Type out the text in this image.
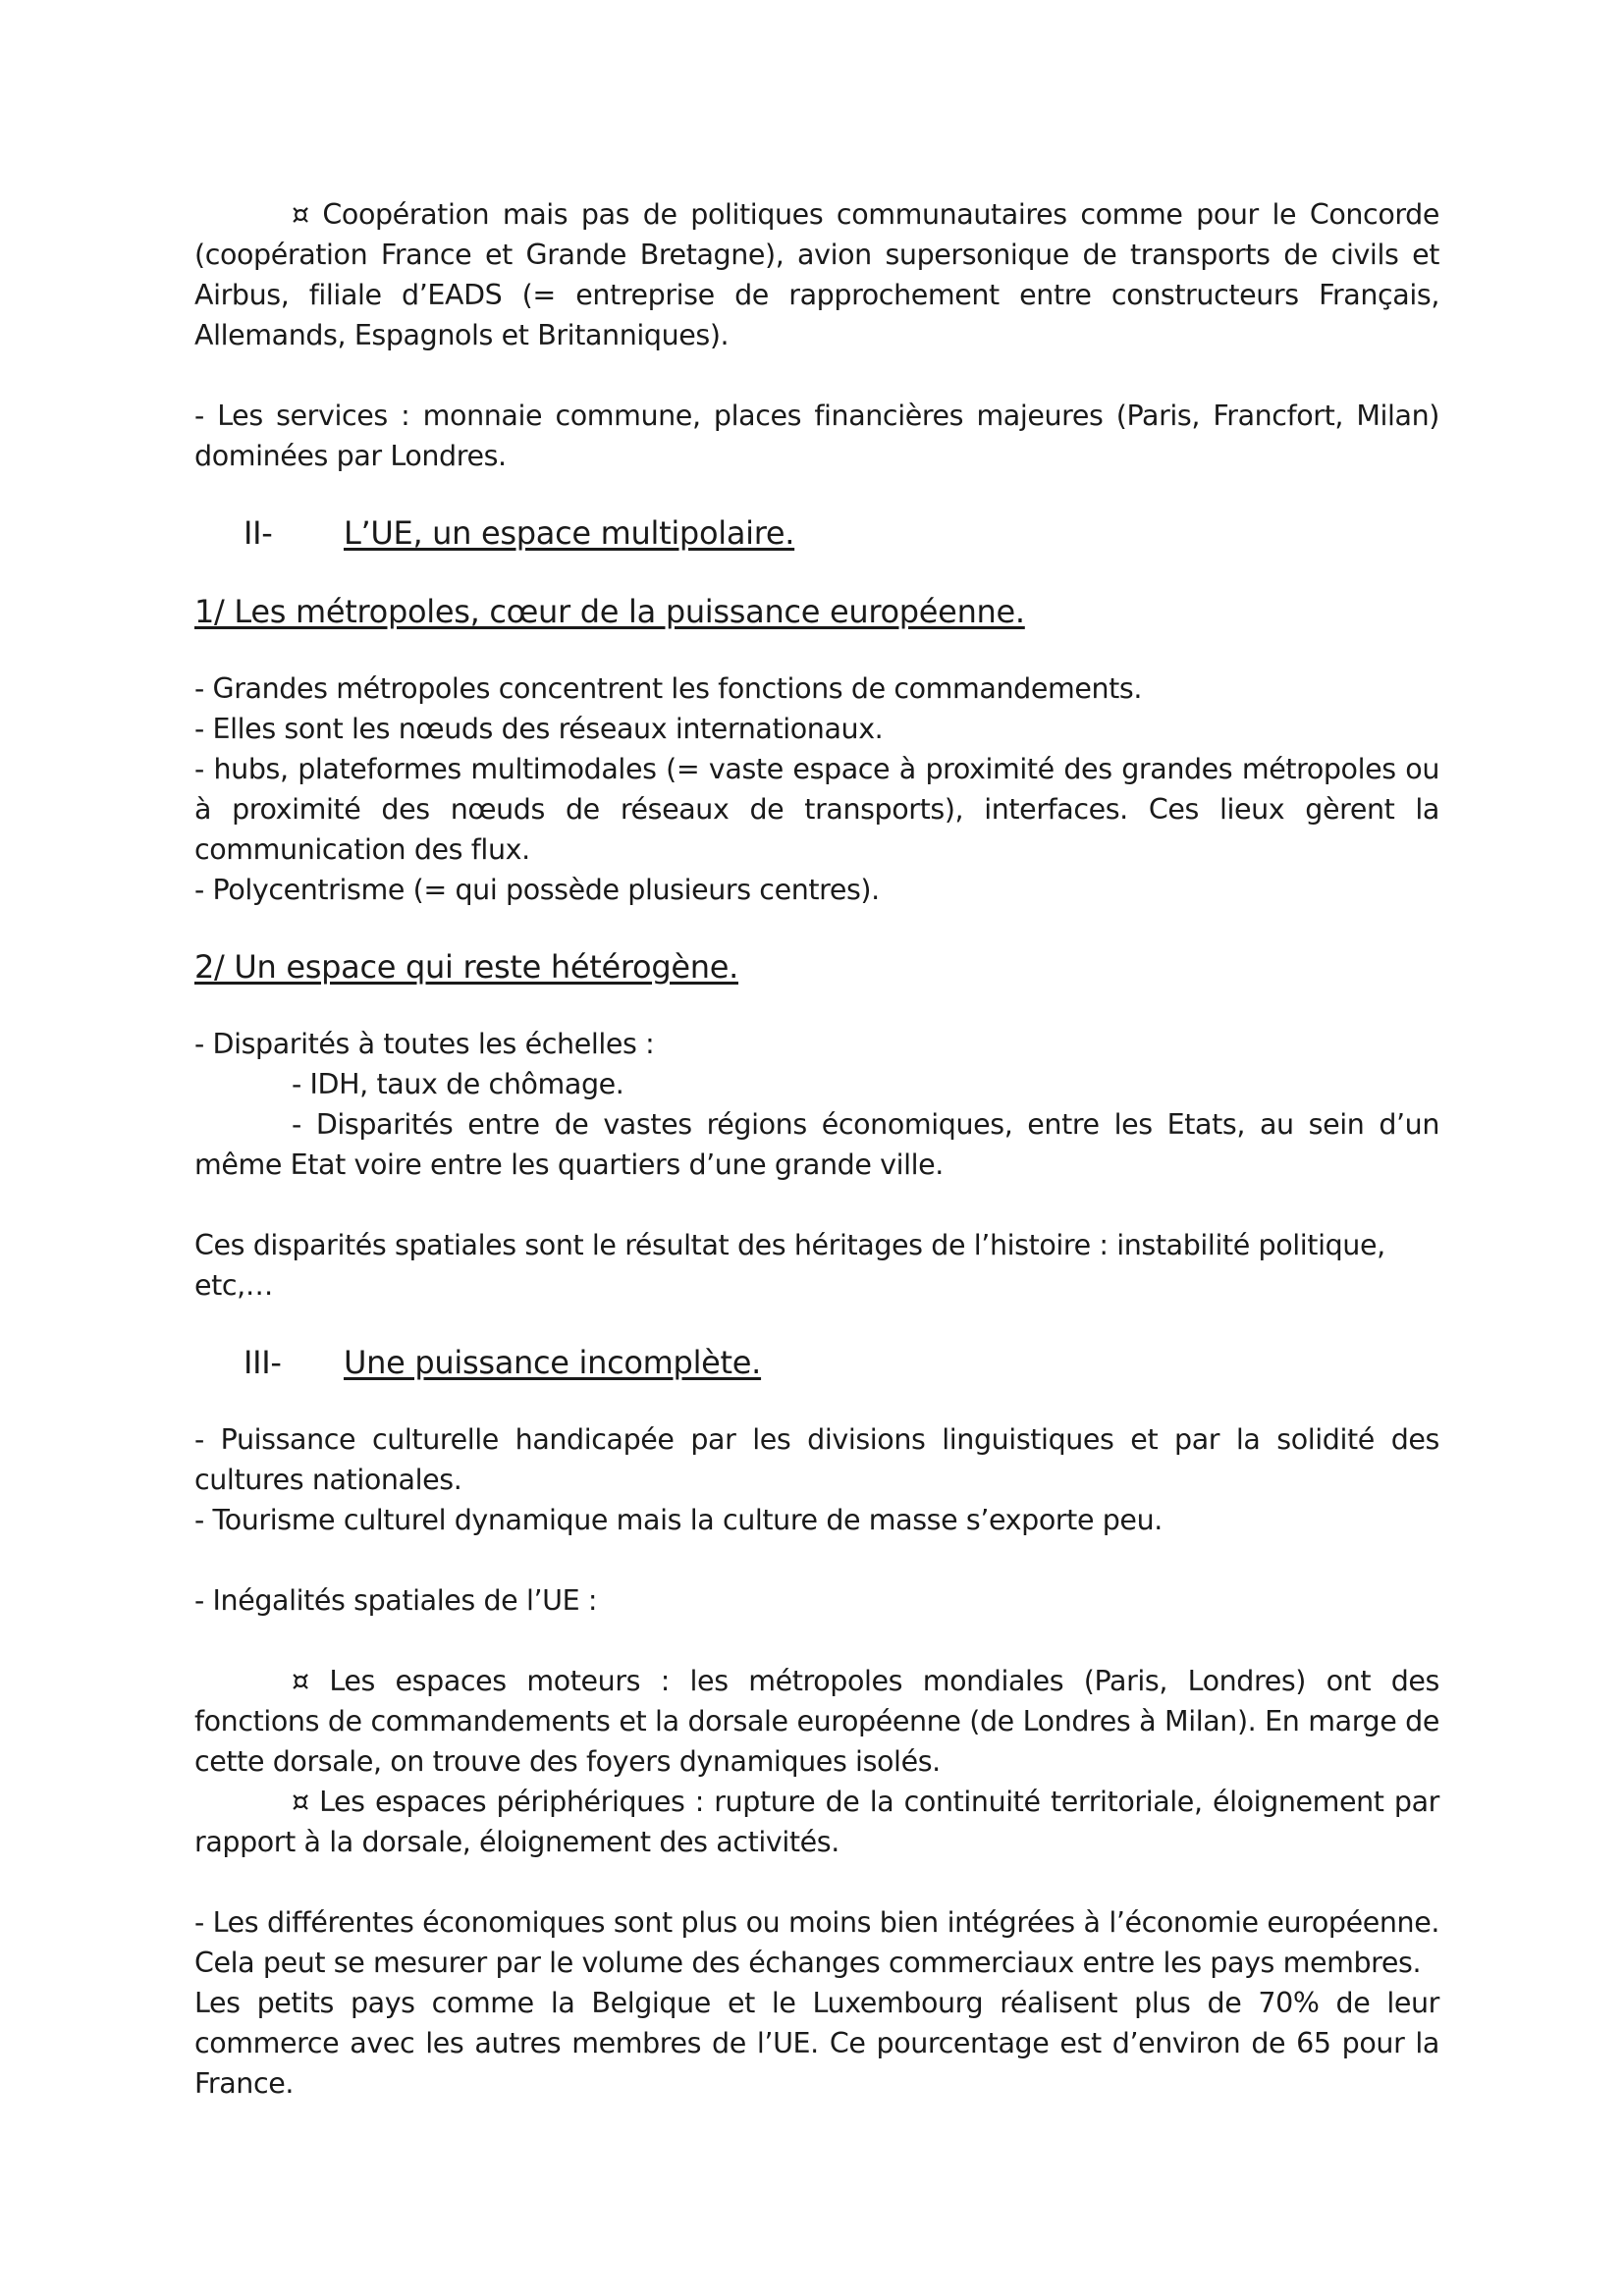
¤ Coopération mais pas de politiques communautaires comme pour le Concorde (coopération France et Grande Bretagne), avion supersonique de transports de civils et Airbus, filiale d’EADS (= entreprise de rapprochement entre constructeurs Français, Allemands, Espagnols et Britanniques).

- Les services : monnaie commune, places financières majeures (Paris, Francfort, Milan) dominées par Londres.

II-	L’UE, un espace multipolaire.

1/ Les métropoles, cœur de la puissance européenne.

- Grandes métropoles concentrent les fonctions de commandements.

- Elles sont les nœuds des réseaux internationaux.

- hubs, plateformes multimodales (= vaste espace à proximité des grandes métropoles ou à proximité des nœuds de réseaux de transports), interfaces. Ces lieux gèrent la communication des flux.

- Polycentrisme (= qui possède plusieurs centres).

2/ Un espace qui reste hétérogène.

- Disparités à toutes les échelles :

- IDH, taux de chômage.

- Disparités entre de vastes régions économiques, entre les Etats, au sein d’un même Etat voire entre les quartiers d’une grande ville.

Ces disparités spatiales sont le résultat des héritages de l’histoire : instabilité politique, etc,…

III-	Une puissance incomplète.

- Puissance culturelle handicapée par les divisions linguistiques et par la solidité des cultures nationales.

- Tourisme culturel dynamique mais la culture de masse s’exporte peu.

- Inégalités spatiales de l’UE :

¤ Les espaces moteurs : les métropoles mondiales (Paris, Londres) ont des fonctions de commandements et la dorsale européenne (de Londres à Milan). En marge de cette dorsale, on trouve des foyers dynamiques isolés.

¤ Les espaces périphériques : rupture de la continuité territoriale, éloignement par rapport à la dorsale, éloignement des activités.

- Les différentes économiques sont plus ou moins bien intégrées à l’économie européenne. Cela peut se mesurer par le volume des échanges commerciaux entre les pays membres.

Les petits pays comme la Belgique et le Luxembourg réalisent plus de 70% de leur commerce avec les autres membres de l’UE. Ce pourcentage est d’environ de 65 pour la France.
